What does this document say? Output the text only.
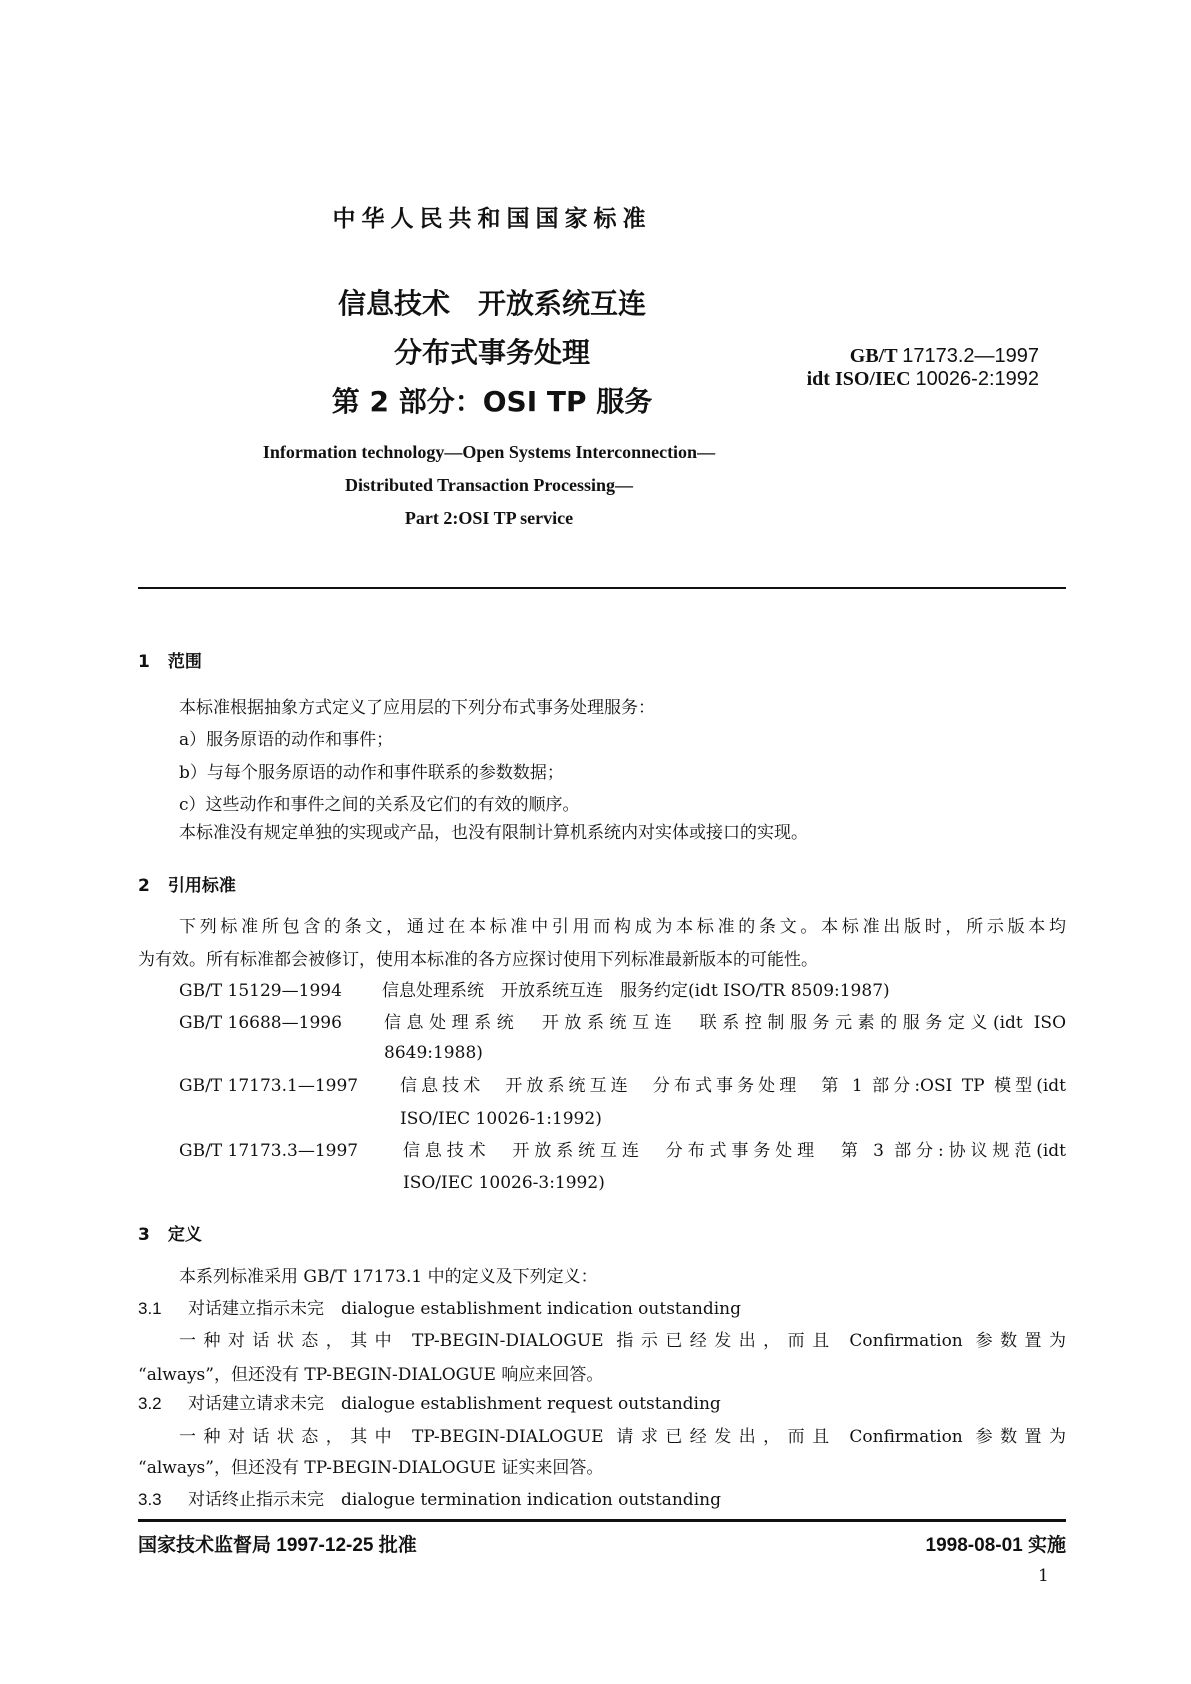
中华人民共和国国家标准
信息技术　开放系统互连
分布式事务处理
第 2 部分：OSI TP 服务
GB/T 17173.2—1997
idt ISO/IEC 10026-2:1992
Information technology—Open Systems Interconnection—
Distributed Transaction Processing—
Part 2:OSI TP service
1 范围
本标准根据抽象方式定义了应用层的下列分布式事务处理服务：
a）服务原语的动作和事件；
b）与每个服务原语的动作和事件联系的参数数据；
c）这些动作和事件之间的关系及它们的有效的顺序。
本标准没有规定单独的实现或产品，也没有限制计算机系统内对实体或接口的实现。
2 引用标准
下列标准所包含的条文，通过在本标准中引用而构成为本标准的条文。本标准出版时，所示版本均
为有效。所有标准都会被修订，使用本标准的各方应探讨使用下列标准最新版本的可能性。
GB/T 15129—1994 信息处理系统　开放系统互连　服务约定(idt ISO/TR 8509:1987)
GB/T 16688—1996 信息处理系统　开放系统互连　联系控制服务元素的服务定义(idt ISO
8649:1988)
GB/T 17173.1—1997 信息技术　开放系统互连　分布式事务处理　第 1 部分:OSI TP 模型(idt
ISO/IEC 10026-1:1992)
GB/T 17173.3—1997	信息技术　开放系统互连　分布式事务处理　第 3 部分:协议规范(idt
ISO/IEC 10026-3:1992)
3 定义
本系列标准采用 GB/T 17173.1 中的定义及下列定义：
3.1 对话建立指示未完　dialogue establishment indication outstanding
一种对话状态，其中 TP-BEGIN-DIALOGUE 指示已经发出，而且 Confirmation 参数置为
“always”，但还没有 TP-BEGIN-DIALOGUE 响应来回答。
3.2 对话建立请求未完　dialogue establishment request outstanding
一种对话状态，其中 TP-BEGIN-DIALOGUE 请求已经发出，而且 Confirmation 参数置为
“always”，但还没有 TP-BEGIN-DIALOGUE 证实来回答。
3.3 对话终止指示未完　dialogue termination indication outstanding
国家技术监督局 1997-12-25 批准	1998-08-01 实施
1
